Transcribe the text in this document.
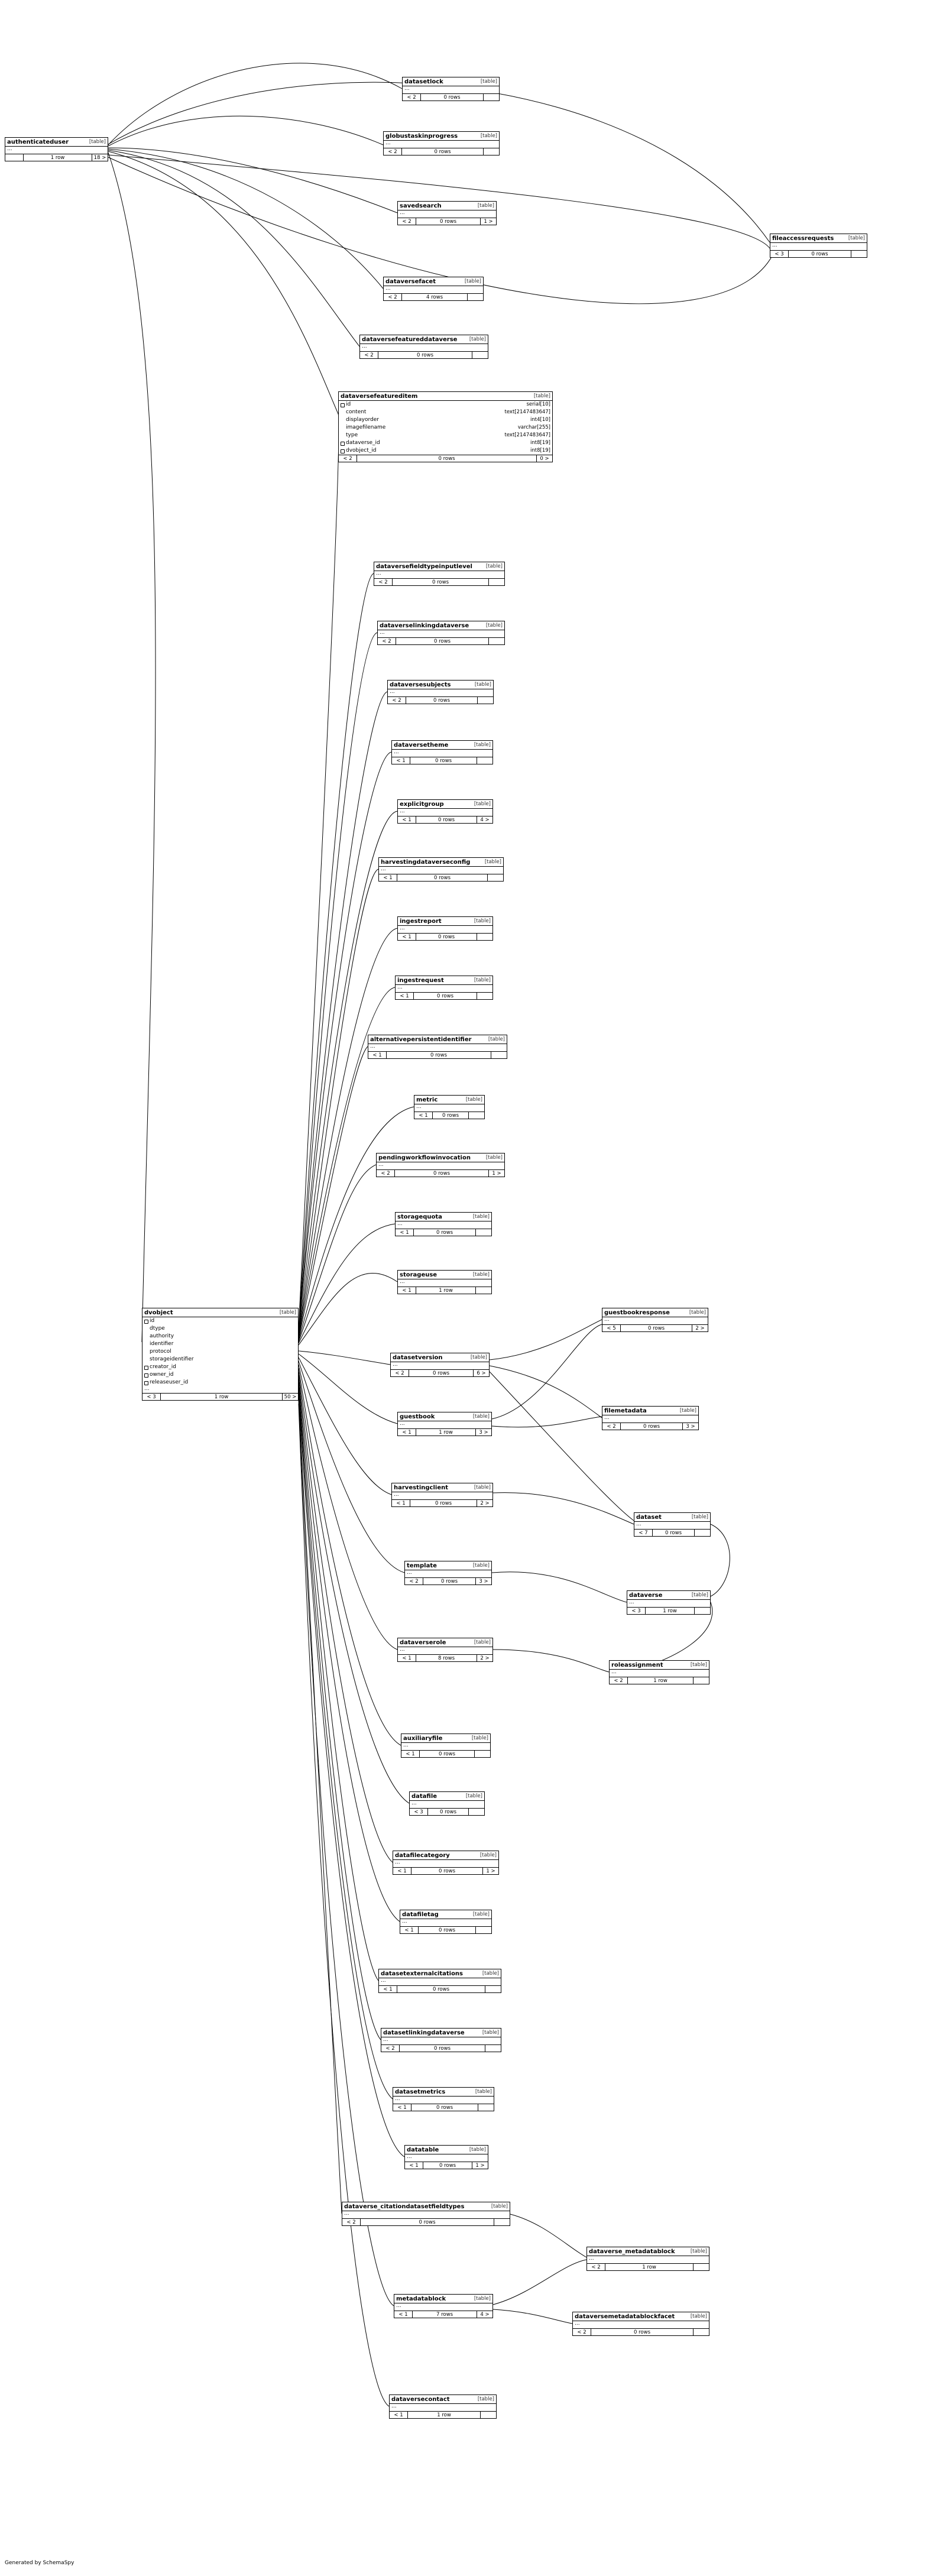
authenticateduser	[table]
...
1 row	18 >
dataversefeatureditem	[table]
id	serial[10]
content	text[2147483647]
displayorder	int4[10]
imagefilename	varchar[255]
type	text[2147483647]
dataverse_id	int8[19]
dvobject_id	int8[19]
< 2	0 rows	0 >
dvobject	[table]
id
dtype
authority
identifier
protocol
storageidentifier
creator_id
owner_id
releaseuser_id
...
< 3	1 row	50 >
datasetlock	[table]
...
< 2	0 rows
globustaskinprogress	[table]
...
< 2	0 rows
savedsearch	[table]
...
< 2	0 rows	1 >
fileaccessrequests	[table]
...
< 3	0 rows
dataversefacet	[table]
...
< 2	4 rows
dataversefeatureddataverse [table]
...
< 2	0 rows
dataversefieldtypeinputlevel	[table]
...
< 2	0 rows
dataverselinkingdataverse	[table]
...
< 2	0 rows
dataversesubjects	[table]
...
< 2	0 rows
dataversetheme	[table]
...
< 1	0 rows
explicitgroup	[table]
...
< 1	0 rows	4 >
harvestingdataverseconfig	[table]
...
< 1	0 rows
ingestreport	[table]
...
< 1	0 rows
ingestrequest	[table]
...
< 1	0 rows
alternativepersistentidentifier	[table]
...
< 1	0 rows
metric	[table]
...
< 1	0 rows
pendingworkflowinvocation	[table]
...
< 2	0 rows	1 >
storagequota	[table]
...
< 1	0 rows
storageuse	[table]
...
< 1	1 row
guestbookresponse	[table]
...
< 5	0 rows	2 >
datasetversion	[table]
...
< 2	0 rows	6 >
guestbook	[table]
...
< 1	1 row	3 >
filemetadata	[table]
...
< 2	0 rows	3 >
harvestingclient	[table]
...
< 1	0 rows	2 >
dataset	[table]
...
< 7	0 rows
template	[table]
...
< 2	0 rows	3 >
dataverse	[table]
...
< 3	1 row
dataverserole	[table]
...
< 1	8 rows	2 >
roleassignment	[table]
...
< 2	1 row
auxiliaryfile	[table]
...
< 1	0 rows
datafile	[table]
...
< 3	0 rows
datafilecategory	[table]
...
< 1	0 rows	1 >
datafiletag	[table]
...
< 1	0 rows
datasetexternalcitations	[table]
...
< 1	0 rows
datasetlinkingdataverse	[table]
...
< 2	0 rows
datasetmetrics	[table]
...
< 1	0 rows
datatable	[table]
...
< 1	0 rows	1 >
dataverse_citationdatasetfieldtypes	[table]
...
< 2	0 rows
dataverse_metadatablock	[table]
...
< 2	1 row
metadatablock	[table]
...
< 1	7 rows	4 >	dataversemetadatablockfacet	[table]
...
< 2	0 rows
dataversecontact	[table]
...
< 1	1 row
Generated by SchemaSpy
